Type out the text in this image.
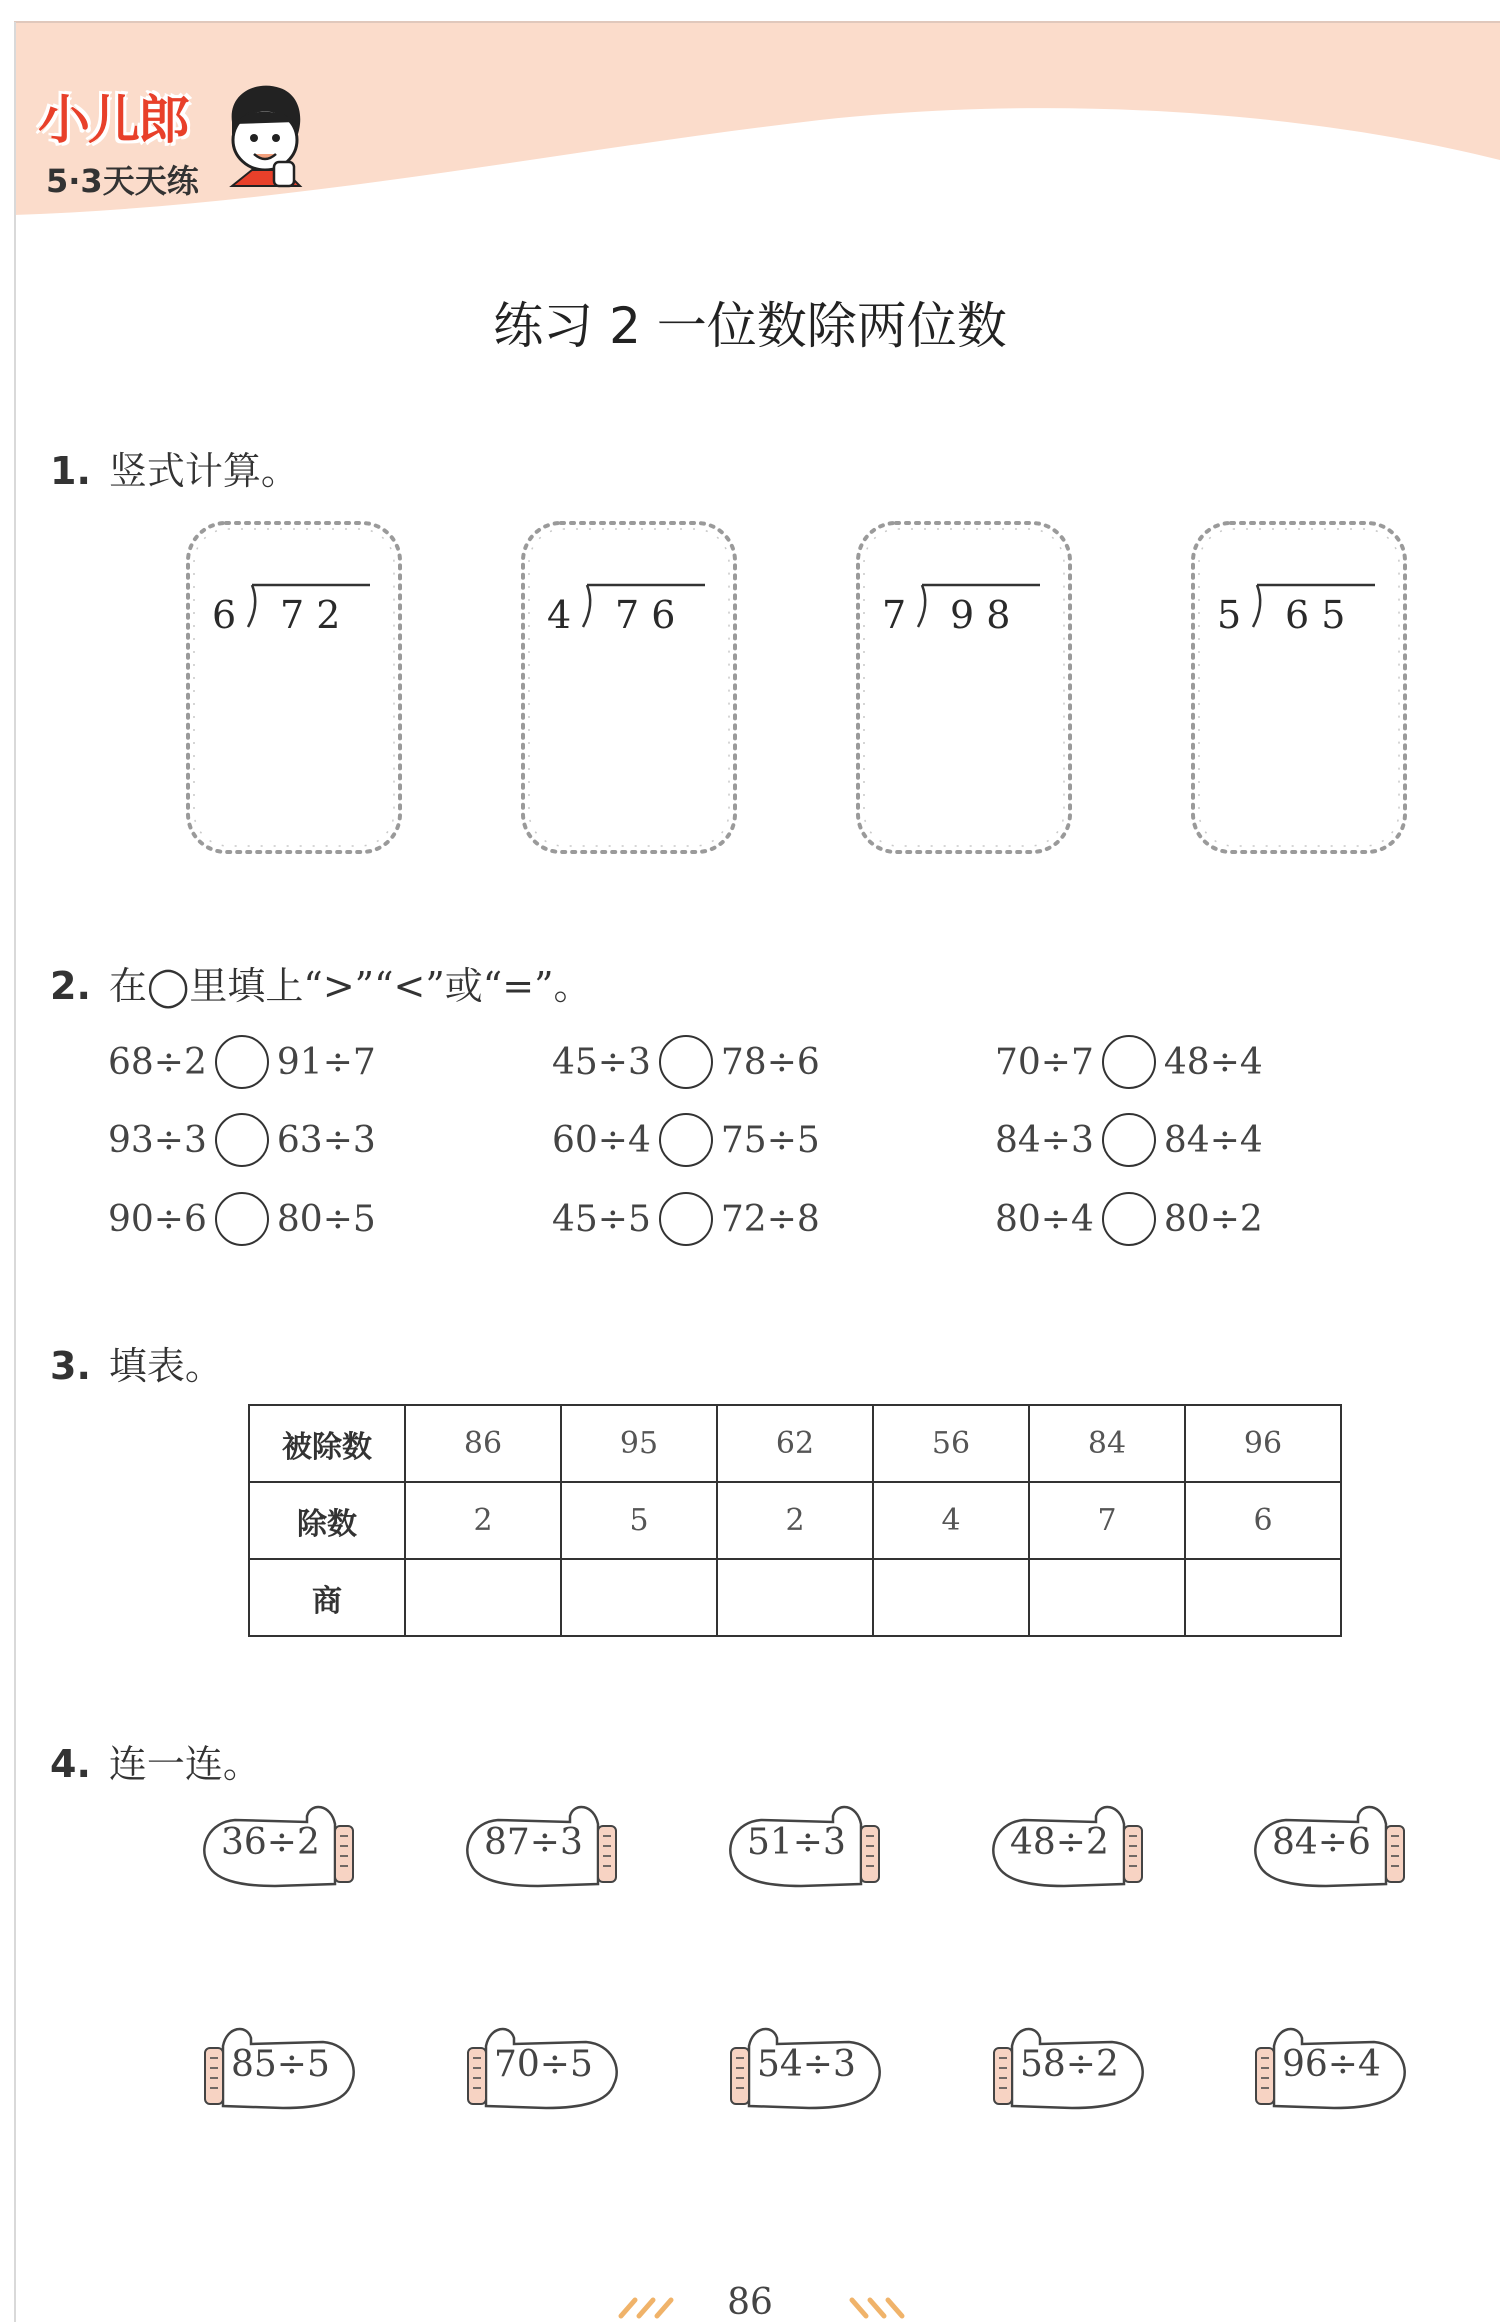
小儿郎
5·3天天练
练习 2 一位数除两位数
1. 竖式计算。
6 7 2	4 7 6	7 9 8	5 6 5
2. 在◯里填上“>”“<”或“=”。
68÷2 91÷7	45÷3 78÷6	70÷7 48÷4
93÷3 63÷3	60÷4 75÷5	84÷3 84÷4
90÷6 80÷5	45÷5 72÷8	80÷4 80÷2
3. 填表。
被除数	86	95	62	56	84	96
除数	2	5	2	4	7	6
商						
4. 连一连。
36÷2	87÷3	51÷3	48÷2	84÷6
85÷5	70÷5	54÷3	58÷2	96÷4
86
